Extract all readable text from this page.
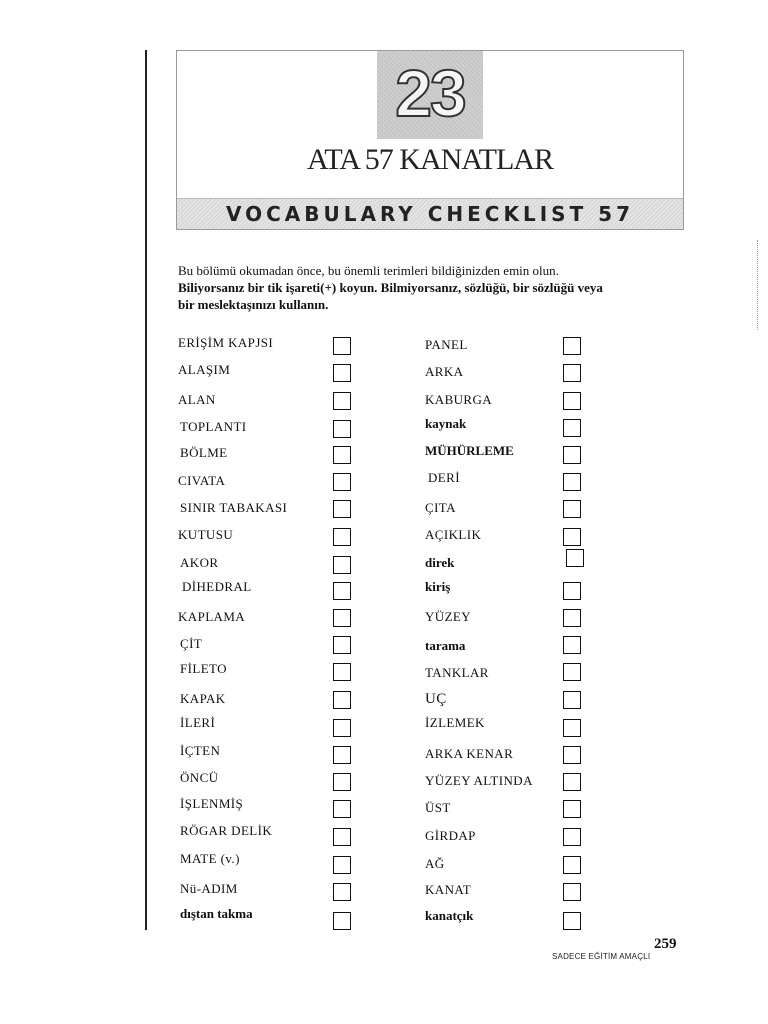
23
ATA 57 KANATLAR
VOCABULARY CHECKLIST 57
Bu bölümü okumadan önce, bu önemli terimleri bildiğinizden emin olun.
Biliyorsanız bir tik işareti(+) koyun. Bilmiyorsanız, sözlüğü, bir sözlüğü veya
bir meslektaşınızı kullanın.
ERİŞİM KAPJSI
ALAŞIM
ALAN
TOPLANTI
BÖLME
CIVATA
SINIR TABAKASI
KUTUSU
AKOR
DİHEDRAL
KAPLAMA
ÇİT
FİLETO
KAPAK
İLERİ
İÇTEN
ÖNCÜ
İŞLENMİŞ
RÖGAR DELİK
MATE (v.)
Nü-ADIM
dıştan takma
PANEL
ARKA
KABURGA
kaynak
MÜHÜRLEME
DERİ
ÇITA
AÇIKLIK
direk
kiriş
YÜZEY
tarama
TANKLAR
UÇ
İZLEMEK
ARKA KENAR
YÜZEY ALTINDA
ÜST
GİRDAP
AĞ
KANAT
kanatçık
259
SADECE EĞİTİM AMAÇLI
